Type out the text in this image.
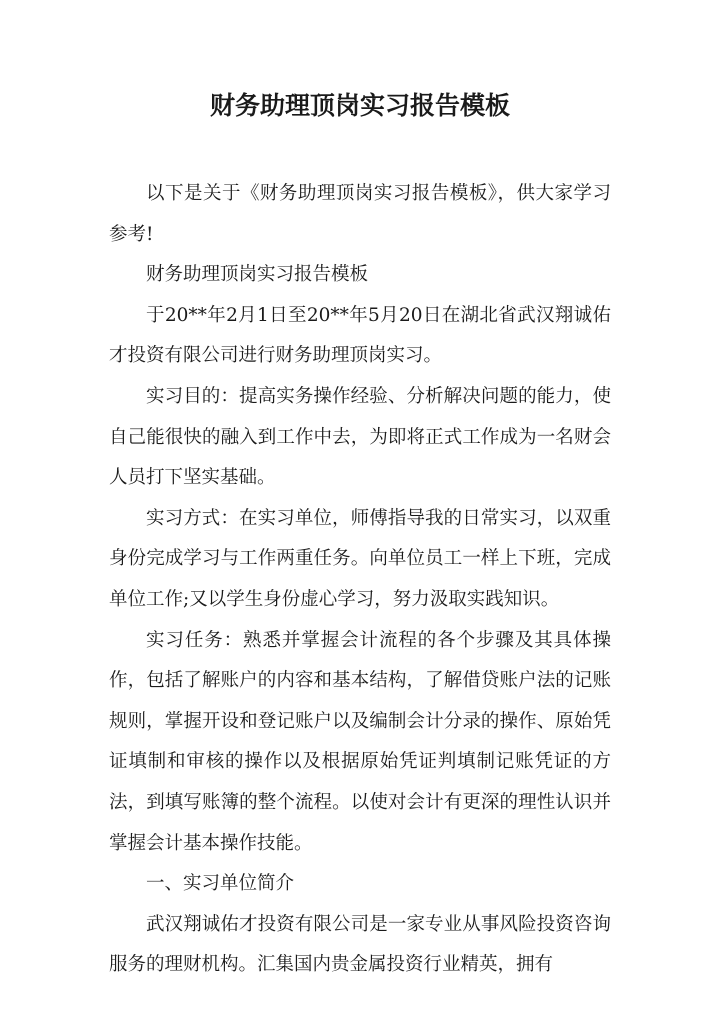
财务助理顶岗实习报告模板

以下是关于《财务助理顶岗实习报告模板》，供大家学习参考!

财务助理顶岗实习报告模板

于20**年2月1日至20**年5月20日在湖北省武汉翔诚佑才投资有限公司进行财务助理顶岗实习。

实习目的：提高实务操作经验、分析解决问题的能力，使自己能很快的融入到工作中去，为即将正式工作成为一名财会人员打下坚实基础。

实习方式：在实习单位，师傅指导我的日常实习，以双重身份完成学习与工作两重任务。向单位员工一样上下班，完成单位工作;又以学生身份虚心学习，努力汲取实践知识。

实习任务：熟悉并掌握会计流程的各个步骤及其具体操作，包括了解账户的内容和基本结构，了解借贷账户法的记账规则，掌握开设和登记账户以及编制会计分录的操作、原始凭证填制和审核的操作以及根据原始凭证判填制记账凭证的方法，到填写账簿的整个流程。以使对会计有更深的理性认识并掌握会计基本操作技能。

一、实习单位简介

武汉翔诚佑才投资有限公司是一家专业从事风险投资咨询服务的理财机构。汇集国内贵金属投资行业精英，拥有
